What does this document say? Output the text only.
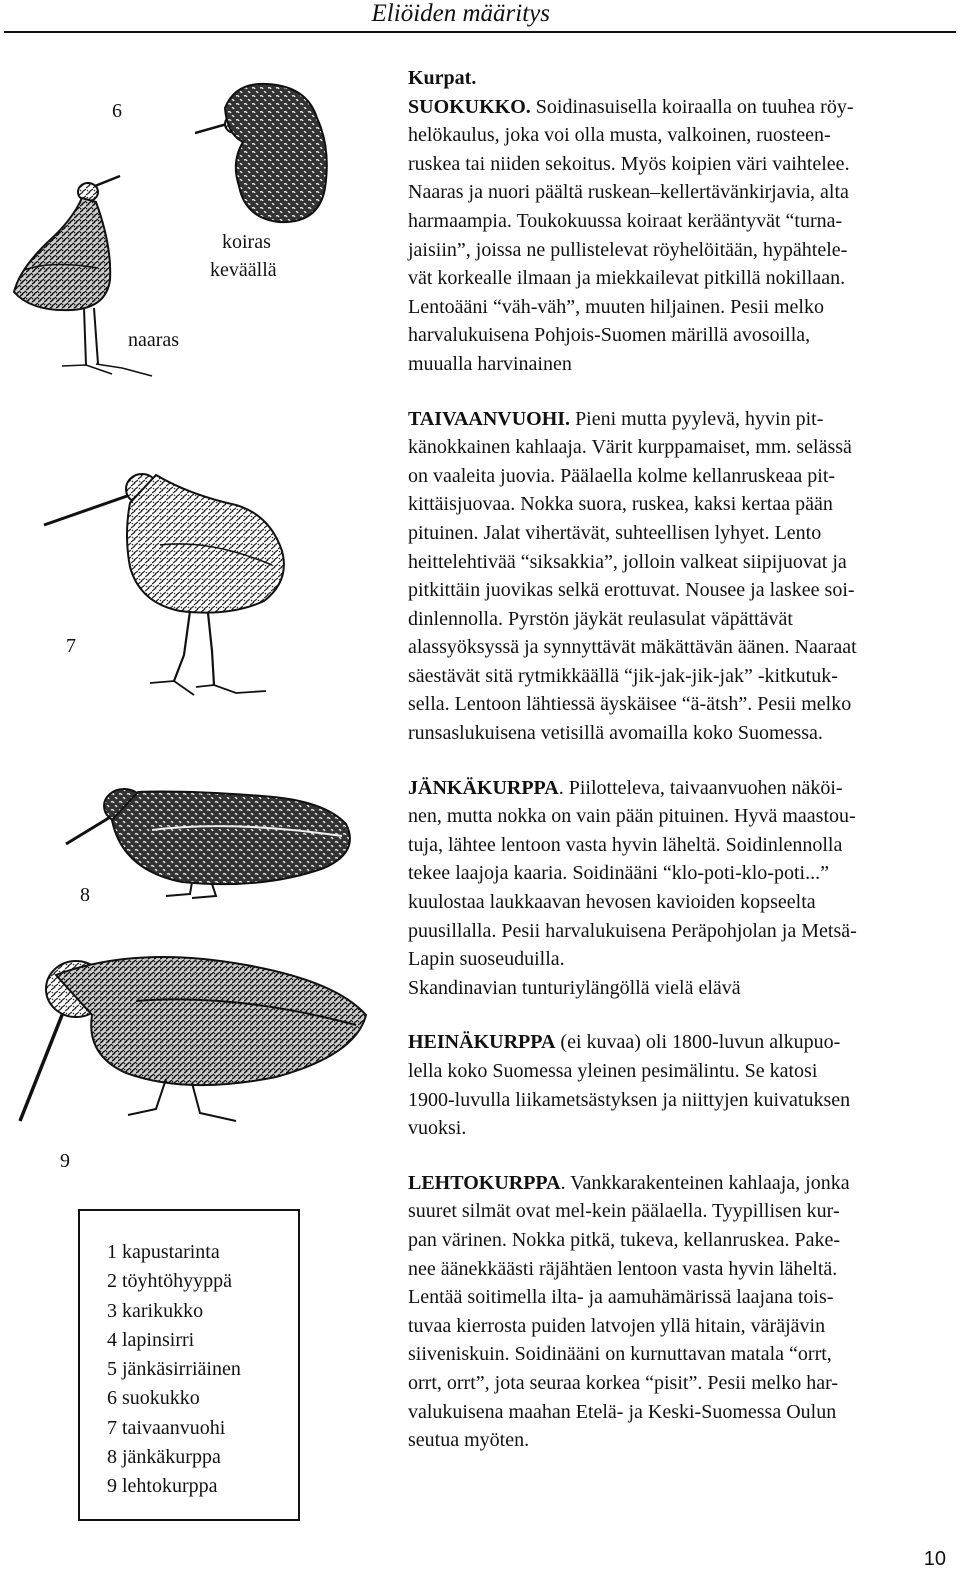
Eliöiden määritys
6
naaras
koiras
keväällä
7
8
9

Kurpat.

SUOKUKKO. Soidinasuisella koiraalla on tuuhea röy-
helökaulus, joka voi olla musta, valkoinen, ruosteen-
ruskea tai niiden sekoitus. Myös koipien väri vaihtelee.
Naaras ja nuori päältä ruskean–kellertävänkirjavia, alta
harmaampia. Toukokuussa koiraat kerääntyvät “turna-
jaisiin”, joissa ne pullistelevat röyhelöitään, hypähtele-
vät korkealle ilmaan ja miekkailevat pitkillä nokillaan.
Lentoääni “väh-väh”, muuten hiljainen. Pesii melko
harvalukuisena Pohjois-Suomen märillä avosoilla,
muualla harvinainen
TAIVAANVUOHI. Pieni mutta pyylevä, hyvin pit-
känokkainen kahlaaja. Värit kurppamaiset, mm. selässä
on vaaleita juovia. Päälaella kolme kellanruskeaa pit-
kittäisjuovaa. Nokka suora, ruskea, kaksi kertaa pään
pituinen. Jalat vihertävät, suhteellisen lyhyet. Lento
heittelehtivää “siksakkia”, jolloin valkeat siipijuovat ja
pitkittäin juovikas selkä erottuvat. Nousee ja laskee soi-
dinlennolla. Pyrstön jäykät reulasulat väpättävät
alassyöksyssä ja synnyttävät mäkättävän äänen. Naaraat
säestävät sitä rytmikkäällä “jik-jak-jik-jak” -kitkutuk-
sella. Lentoon lähtiessä äyskäisee “ä-ätsh”. Pesii melko
runsaslukuisena vetisillä avomailla koko Suomessa.
JÄNKÄKURPPA. Piilotteleva, taivaanvuohen näköi-
nen, mutta nokka on vain pään pituinen. Hyvä maastou-
tuja, lähtee lentoon vasta hyvin läheltä. Soidinlennolla
tekee laajoja kaaria. Soidinääni “klo-poti-klo-poti...”
kuulostaa laukkaavan hevosen kavioiden kopseelta
puusillalla. Pesii harvalukuisena Peräpohjolan ja Metsä-
Lapin suoseuduilla.
Skandinavian tunturiylängöllä vielä elävä
HEINÄKURPPA (ei kuvaa) oli 1800-luvun alkupuo-
lella koko Suomessa yleinen pesimälintu. Se katosi
1900-luvulla liikametsästyksen ja niittyjen kuivatuksen
vuoksi.
LEHTOKURPPA. Vankkarakenteinen kahlaaja, jonka
suuret silmät ovat mel-kein päälaella. Tyypillisen kur-
pan värinen. Nokka pitkä, tukeva, kellanruskea. Pake-
nee äänekkäästi räjähtäen lentoon vasta hyvin läheltä.
Lentää soitimella ilta- ja aamuhämärissä laajana tois-
tuvaa kierrosta puiden latvojen yllä hitain, väräjävin
siiveniskuin. Soidinääni on kurnuttavan matala “orrt,
orrt, orrt”, jota seuraa korkea “pisit”. Pesii melko har-
valukuisena maahan Etelä- ja Keski-Suomessa Oulun
seutua myöten.
1 kapustarinta
2 töyhtöhyyppä
3 karikukko
4 lapinsirri
5 jänkäsirriäinen
6 suokukko
7 taivaanvuohi
8 jänkäkurppa
9 lehtokurppa
10
